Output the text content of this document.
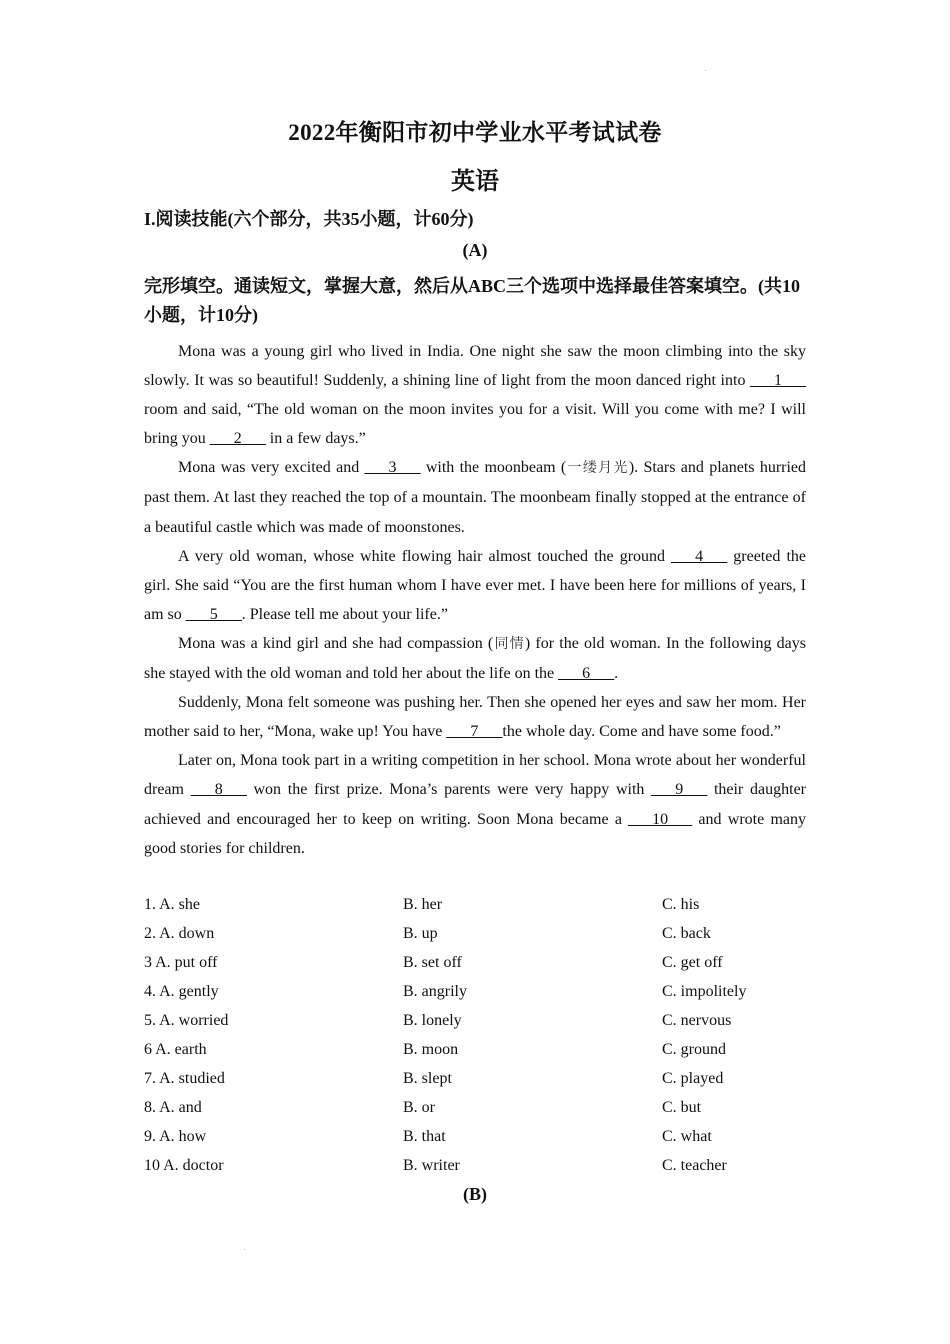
2022年衡阳市初中学业水平考试试卷
英语
I.阅读技能(六个部分，共35小题，计60分)
(A)
完形填空。通读短文，掌握大意，然后从ABC三个选项中选择最佳答案填空。(共10小题，计10分)

Mona was a young girl who lived in India. One night she saw the moon climbing into the sky slowly. It was so beautiful! Suddenly, a shining line of light from the moon danced right into ___1___ room and said, “The old woman on the moon invites you for a visit. Will you come with me? I will bring you ___2___ in a few days.”

Mona was very excited and ___3___ with the moonbeam (一缕月光). Stars and planets hurried past them. At last they reached the top of a mountain. The moonbeam finally stopped at the entrance of a beautiful castle which was made of moonstones.

A very old woman, whose white flowing hair almost touched the ground ___4___ greeted the girl. She said “You are the first human whom I have ever met. I have been here for millions of years, I am so ___5___. Please tell me about your life.”

Mona was a kind girl and she had compassion (同情) for the old woman. In the following days she stayed with the old woman and told her about the life on the ___6___.

Suddenly, Mona felt someone was pushing her. Then she opened her eyes and saw her mom. Her mother said to her, “Mona, wake up! You have ___7___the whole day. Come and have some food.”

Later on, Mona took part in a writing competition in her school. Mona wrote about her wonderful dream ___8___ won the first prize. Mona’s parents were very happy with ___9___ their daughter achieved and encouraged her to keep on writing. Soon Mona became a ___10___ and wrote many good stories for children.

1. A. she	B. her	C. his
2. A. down	B. up	C. back
3 A. put off	B. set off	C. get off
4. A. gently	B. angrily	C. impolitely
5. A. worried	B. lonely	C. nervous
6 A. earth	B. moon	C. ground
7. A. studied	B. slept	C. played
8. A. and	B. or	C. but
9. A. how	B. that	C. what
10 A. doctor	B. writer	C. teacher
(B)
